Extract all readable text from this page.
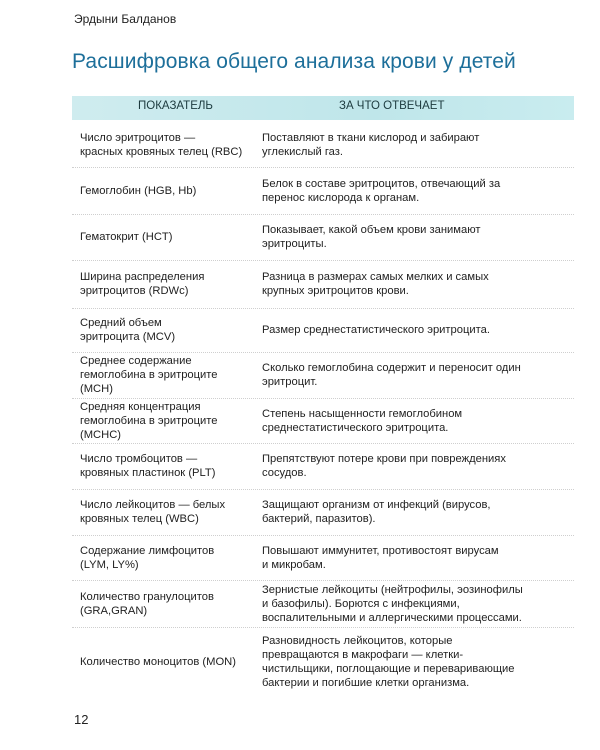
Эрдыни Балданов
Расшифровка общего анализа крови у детей
ПОКАЗАТЕЛЬ	ЗА ЧТО ОТВЕЧАЕТ
Число эритроцитов —
красных кровяных телец (RBC)
Поставляют в ткани кислород и забирают
углекислый газ.
Гемоглобин (HGB, Hb)
Белок в составе эритроцитов, отвечающий за
перенос кислорода к органам.
Гематокрит (HCT)
Показывает, какой объем крови занимают
эритроциты.
Ширина распределения
эритроцитов (RDWc)
Разница в размерах самых мелких и самых
крупных эритроцитов крови.
Средний объем
эритроцита (MCV)
Размер среднестатистического эритроцита.
Среднее содержание
гемоглобина в эритроците
(MCH)
Сколько гемоглобина содержит и переносит один
эритроцит.
Средняя концентрация
гемоглобина в эритроците
(MCHC)
Степень насыщенности гемоглобином
среднестатистического эритроцита.
Число тромбоцитов —
кровяных пластинок (PLT)
Препятствуют потере крови при повреждениях
сосудов.
Число лейкоцитов — белых
кровяных телец (WBC)
Защищают организм от инфекций (вирусов,
бактерий, паразитов).
Содержание лимфоцитов
(LYM, LY%)
Повышают иммунитет, противостоят вирусам
и микробам.
Количество гранулоцитов
(GRA,GRAN)
Зернистые лейкоциты (нейтрофилы, эозинофилы
и базофилы). Борются с инфекциями,
воспалительными и аллергическими процессами.
Количество моноцитов (MON)
Разновидность лейкоцитов, которые
превращаются в макрофаги — клетки-
чистильщики, поглощающие и переваривающие
бактерии и погибшие клетки организма.
12
